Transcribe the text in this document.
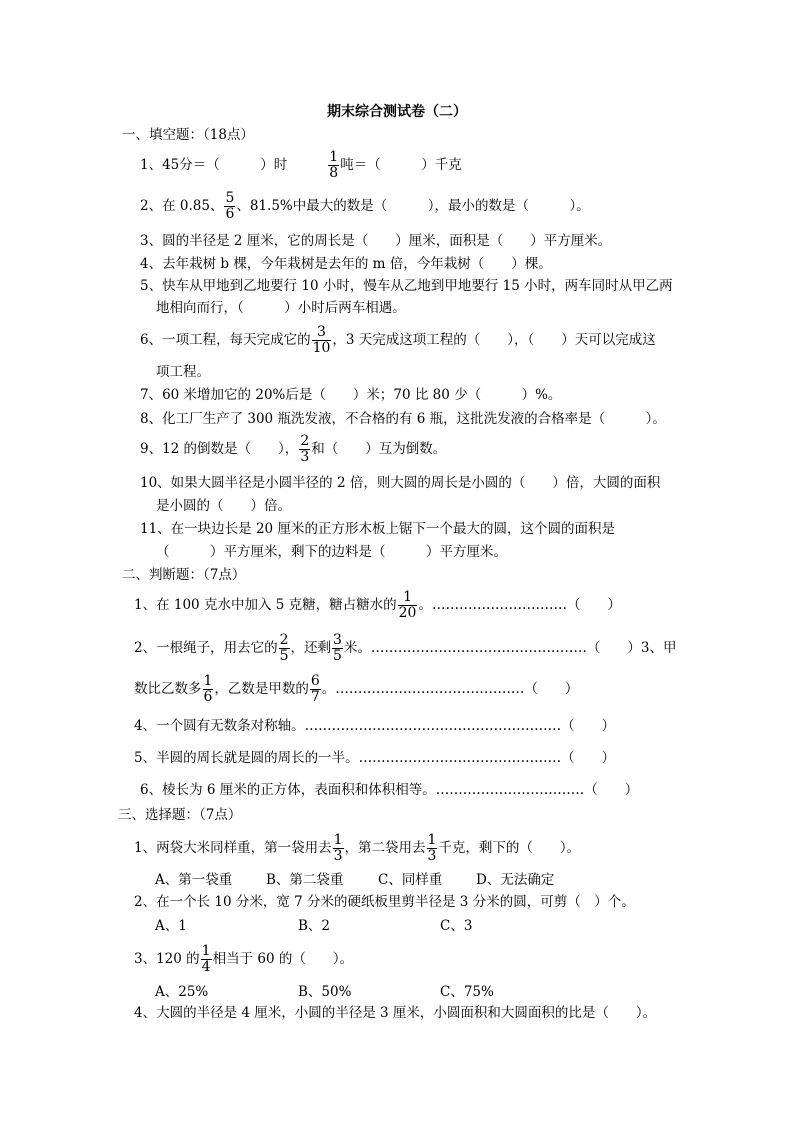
期末综合测试卷（二）
一、填空题：（18点）
1、45分＝（　　　）时	$\frac{1}{8}$ 吨＝（　　　）千克
2、在 0.85、 $\frac{5}{6}$ 、81.5%中最大的数是（　　　），最小的数是（　　　）。
3、圆的半径是 2 厘米，它的周长是（　　）厘米，面积是（　　）平方厘米。
4、去年栽树 b 棵，今年栽树是去年的 m 倍，今年栽树（　　）棵。
5、快车从甲地到乙地要行 10 小时，慢车从乙地到甲地要行 15 小时，两车同时从甲乙两
地相向而行，（　　　）小时后两车相遇。
6、一项工程，每天完成它的 $\frac{3}{10}$ ，3 天完成这项工程的（　　），（　　）天可以完成这
项工程。
7、60 米增加它的 20%后是（　　）米；70 比 80 少（　　　）%。
8、化工厂生产了 300 瓶洗发液，不合格的有 6 瓶，这批洗发液的合格率是（　　　）。
9、12 的倒数是（　　）， $\frac{2}{3}$ 和（　　）互为倒数。
10、如果大圆半径是小圆半径的 2 倍，则大圆的周长是小圆的（　　）倍，大圆的面积
是小圆的（　　）倍。
11、在一块边长是 20 厘米的正方形木板上锯下一个最大的圆，这个圆的面积是
（　　　）平方厘米，剩下的边料是（　　　）平方厘米。
二、判断题：（7点）
1、在 100 克水中加入 5 克糖，糖占糖水的 $\frac{1}{20}$ 。…………………………（　　）
2、一根绳子，用去它的 $\frac{2}{5}$ ，还剩 $\frac{3}{5}$ 米。…………………………………………（　　）3、甲
数比乙数多 $\frac{1}{6}$ ，乙数是甲数的 $\frac{6}{7}$ 。……………………………………（　　）
4、一个圆有无数条对称轴。…………………………………………………（　　）
5、半圆的周长就是圆的周长的一半。………………………………………（　　）
6、棱长为 6 厘米的正方体，表面积和体积相等。……………………………（　　）
三、选择题：（7点）
1、两袋大米同样重，第一袋用去 $\frac{1}{3}$ ，第二袋用去 $\frac{1}{3}$ 千克，剩下的（　　）。
A、第一袋重	B、第二袋重	C、同样重 D、无法确定
2、在一个长 10 分米，宽 7 分米的硬纸板里剪半径是 3 分米的圆，可剪（　）个。
A、1	B、2	C、3
3、120 的 $\frac{1}{4}$ 相当于 60 的（　　）。
A、25%	B、50%	C、75%
4、大圆的半径是 4 厘米，小圆的半径是 3 厘米，小圆面积和大圆面积的比是（　　）。
